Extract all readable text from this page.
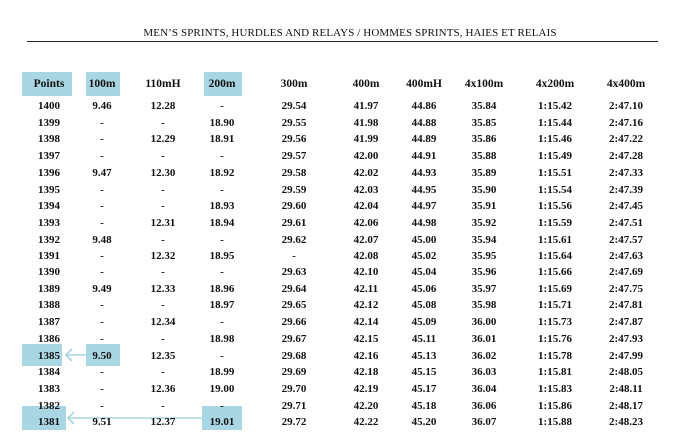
MEN’S SPRINTS, HURDLES AND RELAYS / HOMMES SPRINTS, HAIES ET RELAIS
Points	100m	110mH	200m	300m	400m	400mH	4x100m	4x200m	4x400m
1400	9.46	12.28	-	29.54	41.97	44.86	35.84	1:15.42	2:47.10
1399	-	-	18.90	29.55	41.98	44.88	35.85	1:15.44	2:47.16
1398	-	12.29	18.91	29.56	41.99	44.89	35.86	1:15.46	2:47.22
1397	-	-	-	29.57	42.00	44.91	35.88	1:15.49	2:47.28
1396	9.47	12.30	18.92	29.58	42.02	44.93	35.89	1:15.51	2:47.33
1395	-	-	-	29.59	42.03	44.95	35.90	1:15.54	2:47.39
1394	-	-	18.93	29.60	42.04	44.97	35.91	1:15.56	2:47.45
1393	-	12.31	18.94	29.61	42.06	44.98	35.92	1:15.59	2:47.51
1392	9.48	-	-	29.62	42.07	45.00	35.94	1:15.61	2:47.57
1391	-	12.32	18.95	-	42.08	45.02	35.95	1:15.64	2:47.63
1390	-	-	-	29.63	42.10	45.04	35.96	1:15.66	2:47.69
1389	9.49	12.33	18.96	29.64	42.11	45.06	35.97	1:15.69	2:47.75
1388	-	-	18.97	29.65	42.12	45.08	35.98	1:15.71	2:47.81
1387	-	12.34	-	29.66	42.14	45.09	36.00	1:15.73	2:47.87
1386	-	-	18.98	29.67	42.15	45.11	36.01	1:15.76	2:47.93
1385	9.50	12.35	-	29.68	42.16	45.13	36.02	1:15.78	2:47.99
1384	-	-	18.99	29.69	42.18	45.15	36.03	1:15.81	2:48.05
1383	-	12.36	19.00	29.70	42.19	45.17	36.04	1:15.83	2:48.11
1382	-	-	-	29.71	42.20	45.18	36.06	1:15.86	2:48.17
1381	9.51	12.37	19.01	29.72	42.22	45.20	36.07	1:15.88	2:48.23
